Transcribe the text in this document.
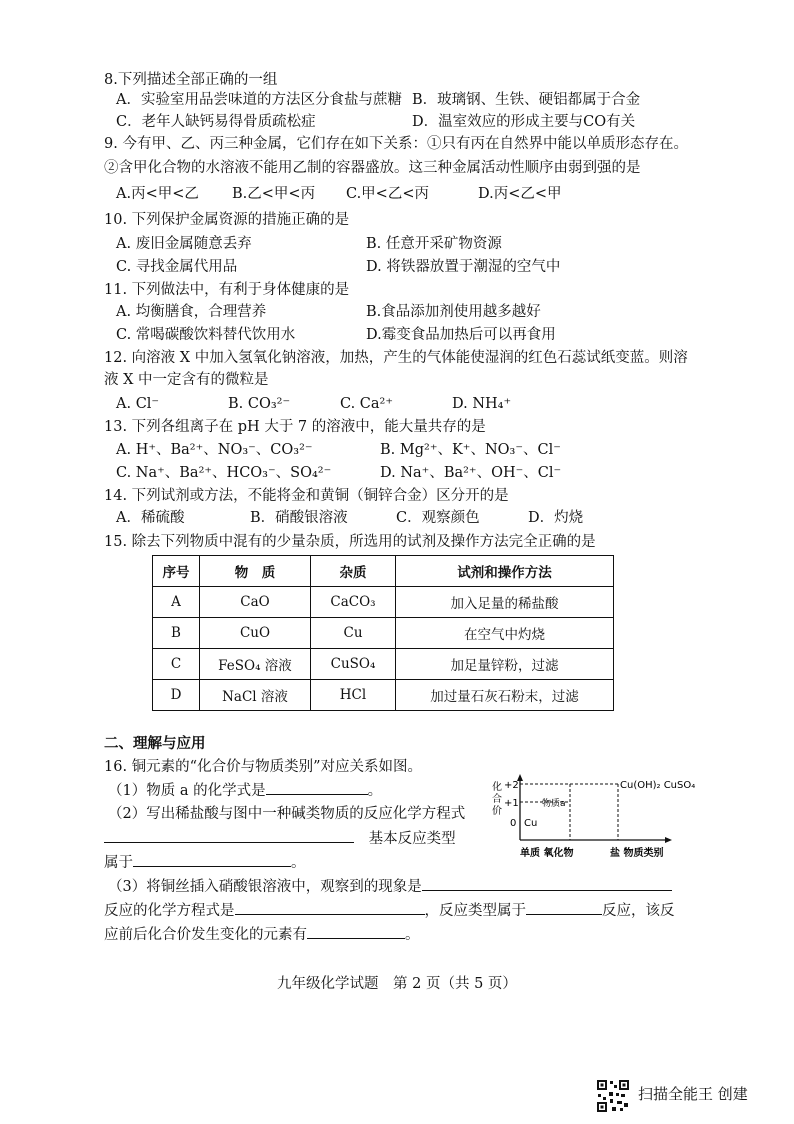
8.下列描述全部正确的一组
A．实验室用品尝味道的方法区分食盐与蔗糖 B．玻璃钢、生铁、硬铝都属于合金
C．老年人缺钙易得骨质疏松症	D．温室效应的形成主要与CO有关
9. 今有甲、乙、丙三种金属，它们存在如下关系：①只有丙在自然界中能以单质形态存在。
②含甲化合物的水溶液不能用乙制的容器盛放。这三种金属活动性顺序由弱到强的是
A.丙<甲<乙 B.乙<甲<丙 C.甲<乙<丙	D.丙<乙<甲
10. 下列保护金属资源的措施正确的是
A. 废旧金属随意丢弃	B. 任意开采矿物资源
C. 寻找金属代用品	D. 将铁器放置于潮湿的空气中
11. 下列做法中，有利于身体健康的是
A. 均衡膳食，合理营养	B.食品添加剂使用越多越好
C. 常喝碳酸饮料替代饮用水	D.霉变食品加热后可以再食用
12. 向溶液 X 中加入氢氧化钠溶液，加热，产生的气体能使湿润的红色石蕊试纸变蓝。则溶
液 X 中一定含有的微粒是
A. Cl⁻	B. CO₃²⁻	C. Ca²⁺	D. NH₄⁺
13. 下列各组离子在 pH 大于 7 的溶液中，能大量共存的是
A. H⁺、Ba²⁺、NO₃⁻、CO₃²⁻	B. Mg²⁺、K⁺、NO₃⁻、Cl⁻
C. Na⁺、Ba²⁺、HCO₃⁻、SO₄²⁻	D. Na⁺、Ba²⁺、OH⁻、Cl⁻
14. 下列试剂或方法，不能将金和黄铜（铜锌合金）区分开的是
A．稀硫酸	B．硝酸银溶液	C．观察颜色	D．灼烧
15. 除去下列物质中混有的少量杂质，所选用的试剂及操作方法完全正确的是
序号	物　质	杂质	试剂和操作方法
A	CaO	CaCO₃	加入足量的稀盐酸
B	CuO	Cu	在空气中灼烧
C	FeSO₄ 溶液	CuSO₄	加足量锌粉，过滤
D	NaCl 溶液	HCl	加过量石灰石粉末，过滤
二、理解与应用
16. 铜元素的“化合价与物质类别”对应关系如图。
（1）物质 a 的化学式是	。
（2）写出稀盐酸与图中一种碱类物质的反应化学方程式
基本反应类型
属于	。
（3）将铜丝插入硝酸银溶液中，观察到的现象是
反应的化学方程式是	，反应类型属于	反应，该反
应前后化合价发生变化的元素有	。
化 合 价
+2
+1
0
Cu(OH)₂ CuSO₄
物质a
Cu
单质 氧化物	盐 物质类别
九年级化学试题　第 2 页（共 5 页）
扫描全能王 创建
